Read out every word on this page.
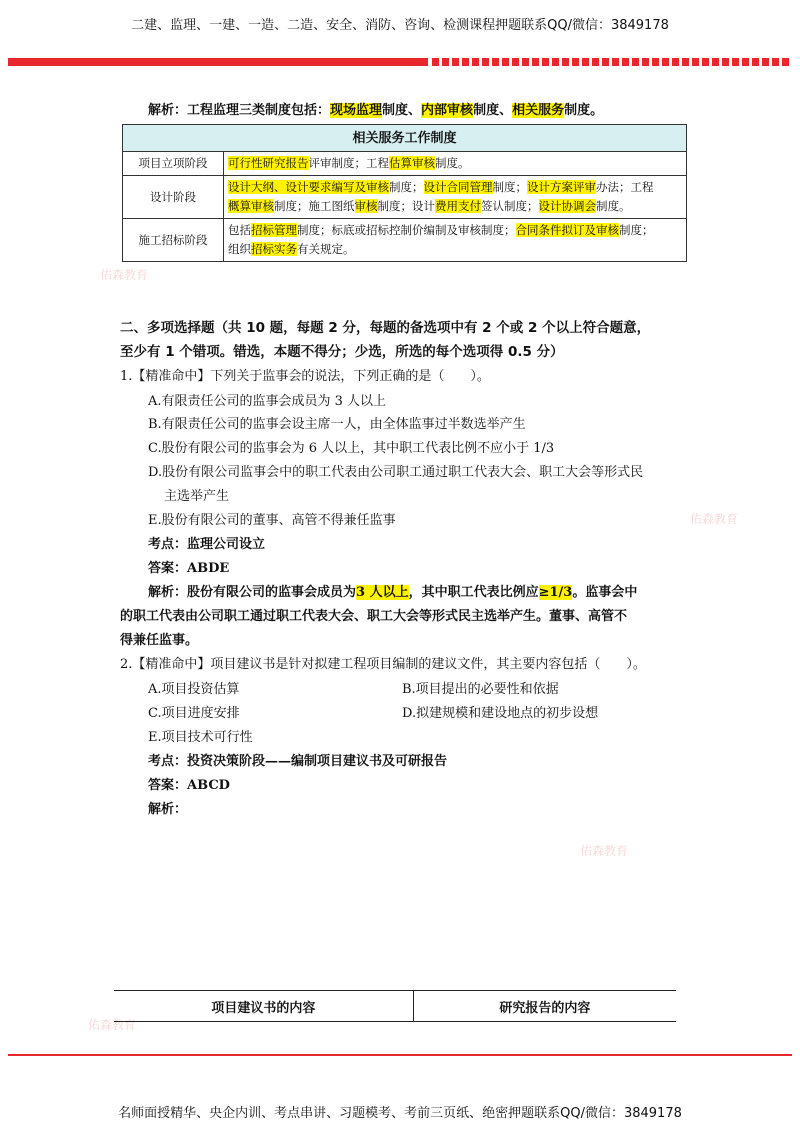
二建、监理、一建、一造、二造、安全、消防、咨询、检测课程押题联系QQ/微信：3849178
佑森教育
佑森教育
佑森教育
佑森教育
解析：工程监理三类制度包括：现场监理制度、内部审核制度、相关服务制度。
相关服务工作制度	
项目立项阶段	可行性研究报告评审制度；工程估算审核制度。
设计阶段	设计大纲、设计要求编写及审核制度；设计合同管理制度；设计方案评审办法；工程
概算审核制度；施工图纸审核制度；设计费用支付签认制度；设计协调会制度。
施工招标阶段	包括招标管理制度；标底或招标控制价编制及审核制度；合同条件拟订及审核制度；
组织招标实务有关规定。
二、多项选择题（共 10 题，每题 2 分，每题的备选项中有 2 个或 2 个以上符合题意，
至少有 1 个错项。错选，本题不得分；少选，所选的每个选项得 0.5 分）
1.【精准命中】下列关于监事会的说法，下列正确的是（　　）。
A.有限责任公司的监事会成员为 3 人以上
B.有限责任公司的监事会设主席一人，由全体监事过半数选举产生
C.股份有限公司的监事会为 6 人以上，其中职工代表比例不应小于 1/3
D.股份有限公司监事会中的职工代表由公司职工通过职工代表大会、职工大会等形式民
主选举产生
E.股份有限公司的董事、高管不得兼任监事
考点：监理公司设立
答案：ABDE
解析：股份有限公司的监事会成员为3 人以上，其中职工代表比例应≥1/3。监事会中
的职工代表由公司职工通过职工代表大会、职工大会等形式民主选举产生。董事、高管不
得兼任监事。
2.【精准命中】项目建议书是针对拟建工程项目编制的建议文件，其主要内容包括（　　）。
A.项目投资估算	B.项目提出的必要性和依据
C.项目进度安排	D.拟建规模和建设地点的初步设想
E.项目技术可行性
考点：投资决策阶段——编制项目建议书及可研报告
答案：ABCD
解析：
项目建议书的内容	研究报告的内容
名师面授精华、央企内训、考点串讲、习题模考、考前三页纸、绝密押题联系QQ/微信：3849178
